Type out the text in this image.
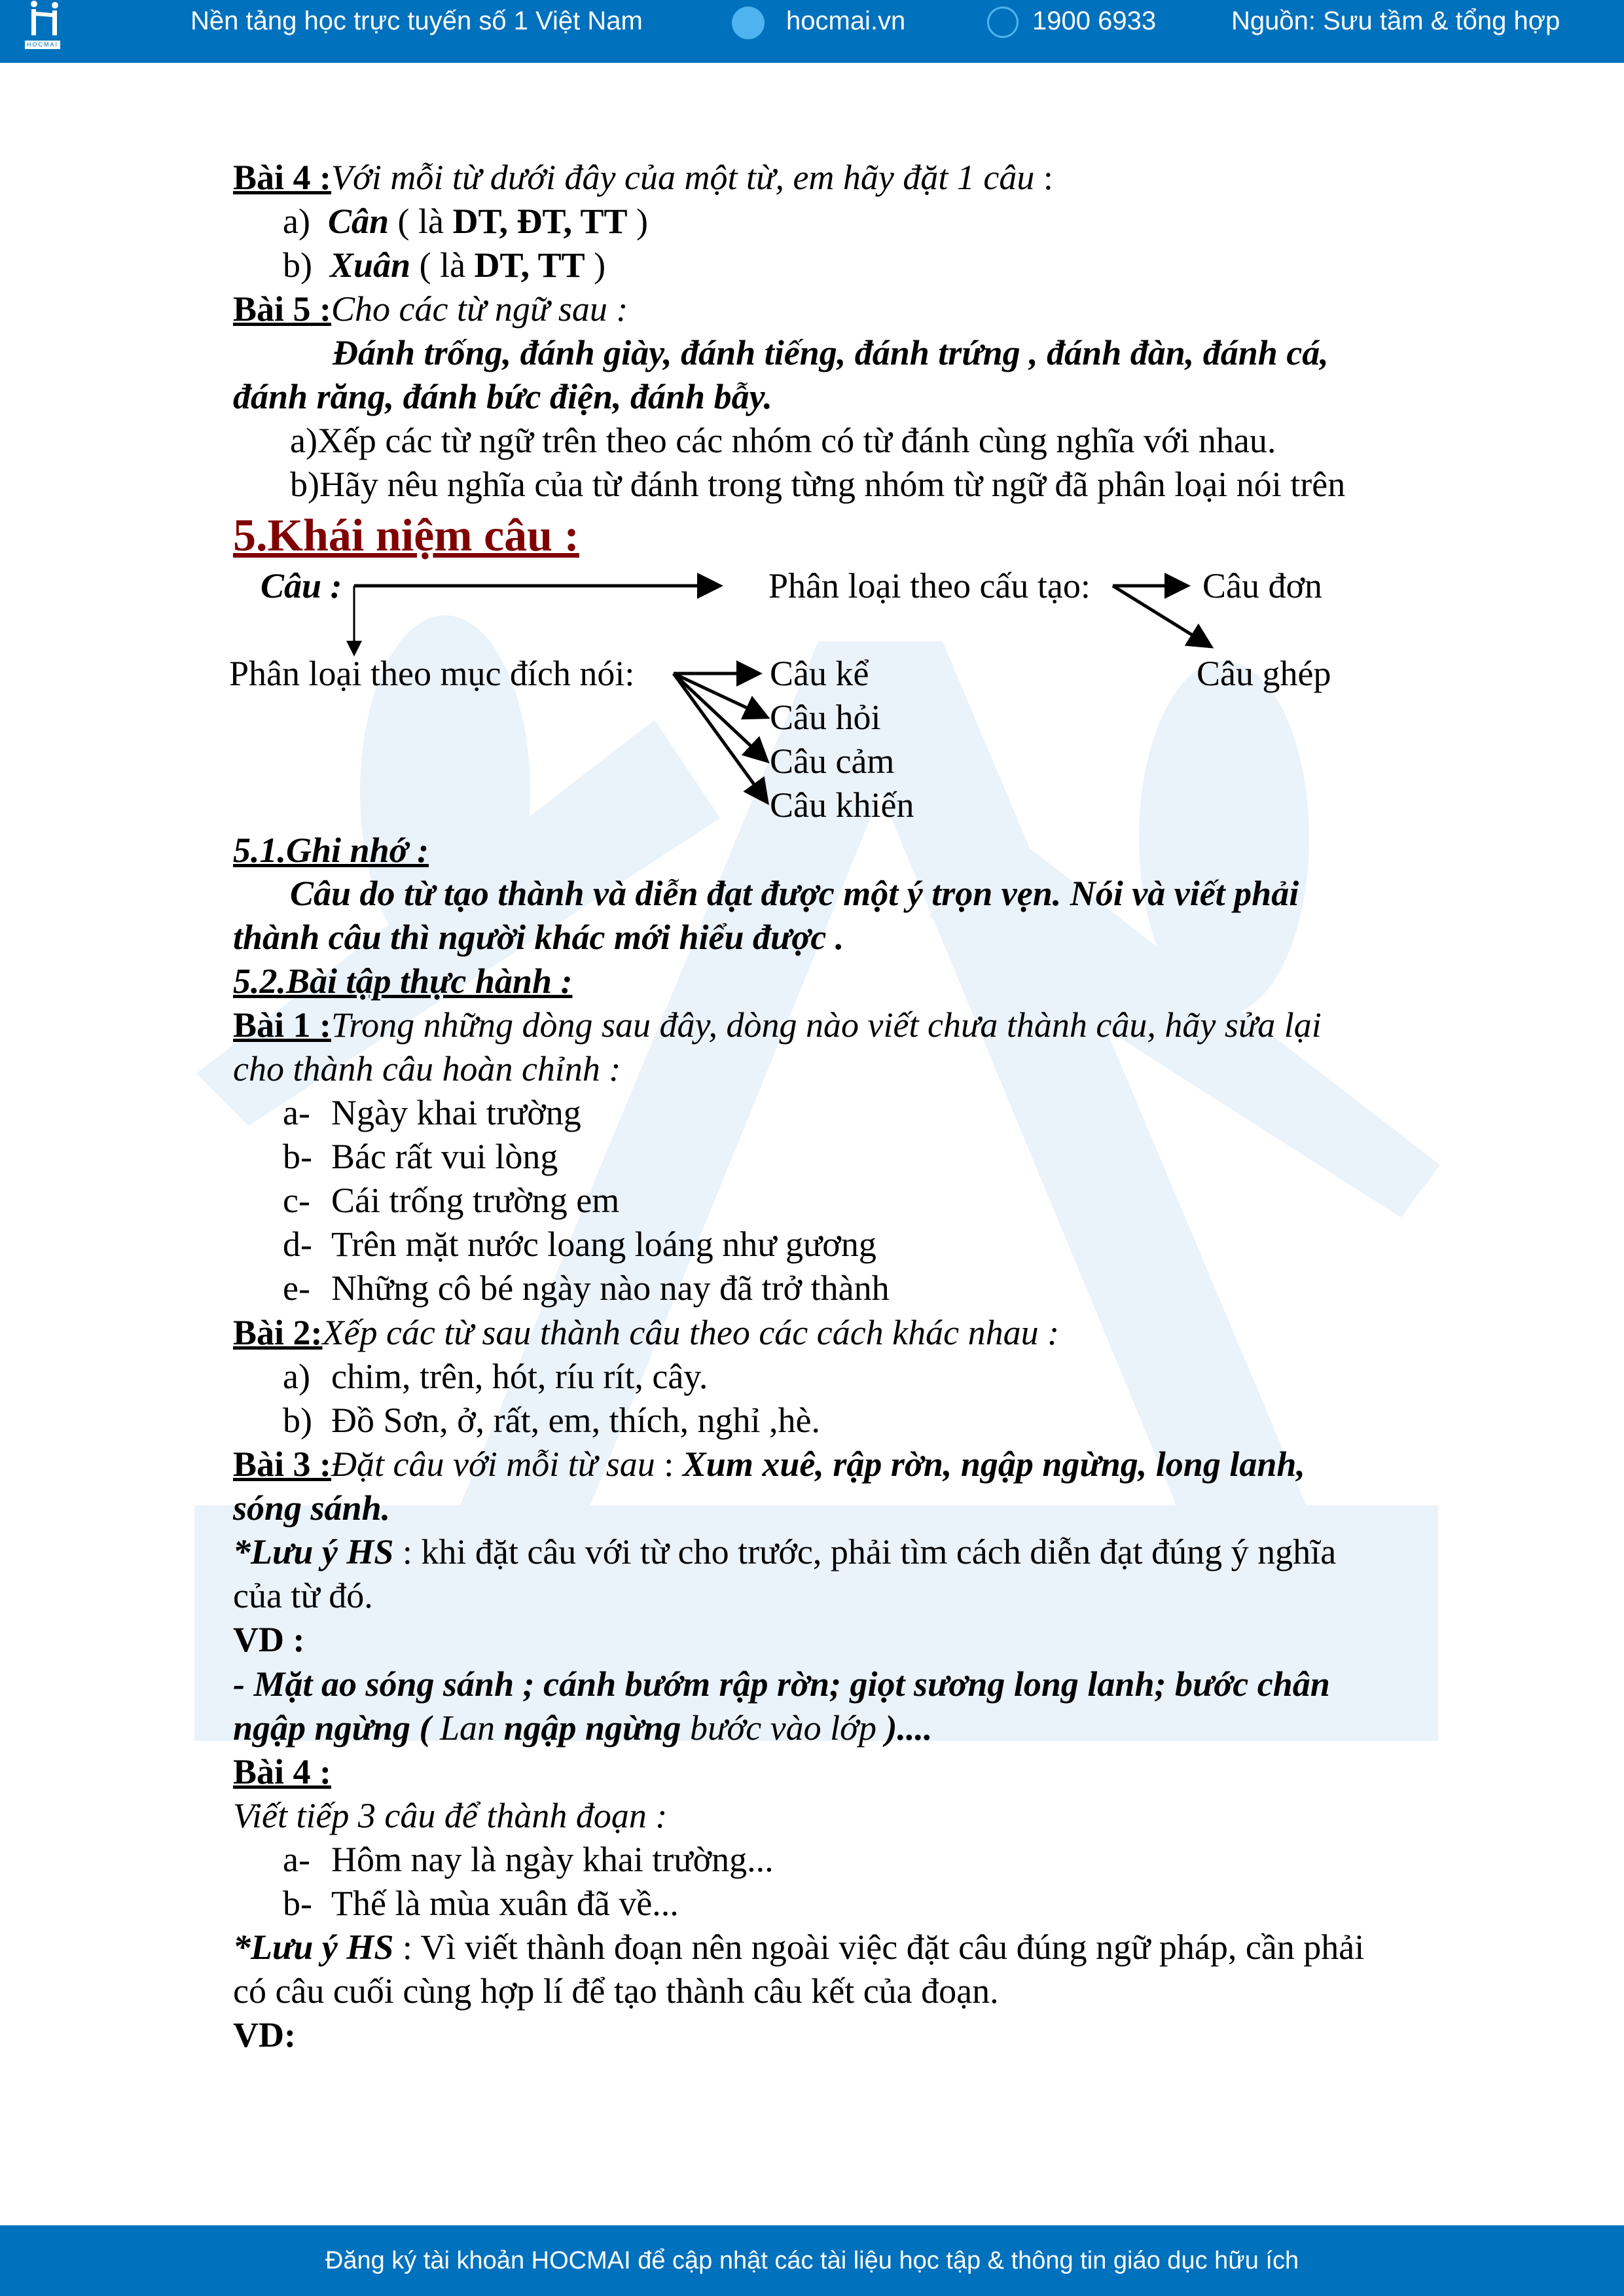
HOCMAI
Nền tảng học trực tuyến số 1 Việt Nam	hocmai.vn	1900 6933	Nguồn: Sưu tầm & tổng hợp
Bài 4 :Với mỗi từ dưới đây của một từ, em hãy đặt 1 câu :
a) Cân ( là DT, ĐT, TT )
b) Xuân ( là DT, TT )
Bài 5 :Cho các từ ngữ sau :
Đánh trống, đánh giày, đánh tiếng, đánh trứng , đánh đàn, đánh cá,
đánh răng, đánh bức điện, đánh bẫy.
a)Xếp các từ ngữ trên theo các nhóm có từ đánh cùng nghĩa với nhau.
b)Hãy nêu nghĩa của từ đánh trong từng nhóm từ ngữ đã phân loại nói trên
5.Khái niệm câu :
Câu :	Phân loại theo cấu tạo:	Câu đơn
Câu ghép
Phân loại theo mục đích nói:	Câu kể
Câu hỏi
Câu cảm
Câu khiến
5.1.Ghi nhớ :
Câu do từ tạo thành và diễn đạt được một ý trọn vẹn. Nói và viết phải
thành câu thì người khác mới hiểu được .
5.2.Bài tập thực hành :
Bài 1 :Trong những dòng sau đây, dòng nào viết chưa thành câu, hãy sửa lại
cho thành câu hoàn chỉnh :
a- Ngày khai trường
b- Bác rất vui lòng
c- Cái trống trường em
d- Trên mặt nước loang loáng như gương
e- Những cô bé ngày nào nay đã trở thành
Bài 2:Xếp các từ sau thành câu theo các cách khác nhau :
a) chim, trên, hót, ríu rít, cây.
b) Đồ Sơn, ở, rất, em, thích, nghỉ ,hè.
Bài 3 :Đặt câu với mỗi từ sau : Xum xuê, rập rờn, ngập ngừng, long lanh,
sóng sánh.
*Lưu ý HS : khi đặt câu với từ cho trước, phải tìm cách diễn đạt đúng ý nghĩa
của từ đó.
VD :
- Mặt ao sóng sánh ; cánh bướm rập rờn; giọt sương long lanh; bước chân
ngập ngừng ( Lan ngập ngừng bước vào lớp )....
Bài 4 :
Viết tiếp 3 câu để thành đoạn :
a- Hôm nay là ngày khai trường...
b- Thế là mùa xuân đã về...
*Lưu ý HS : Vì viết thành đoạn nên ngoài việc đặt câu đúng ngữ pháp, cần phải
có câu cuối cùng hợp lí để tạo thành câu kết của đoạn.
VD:
Đăng ký tài khoản HOCMAI để cập nhật các tài liệu học tập & thông tin giáo dục hữu ích
